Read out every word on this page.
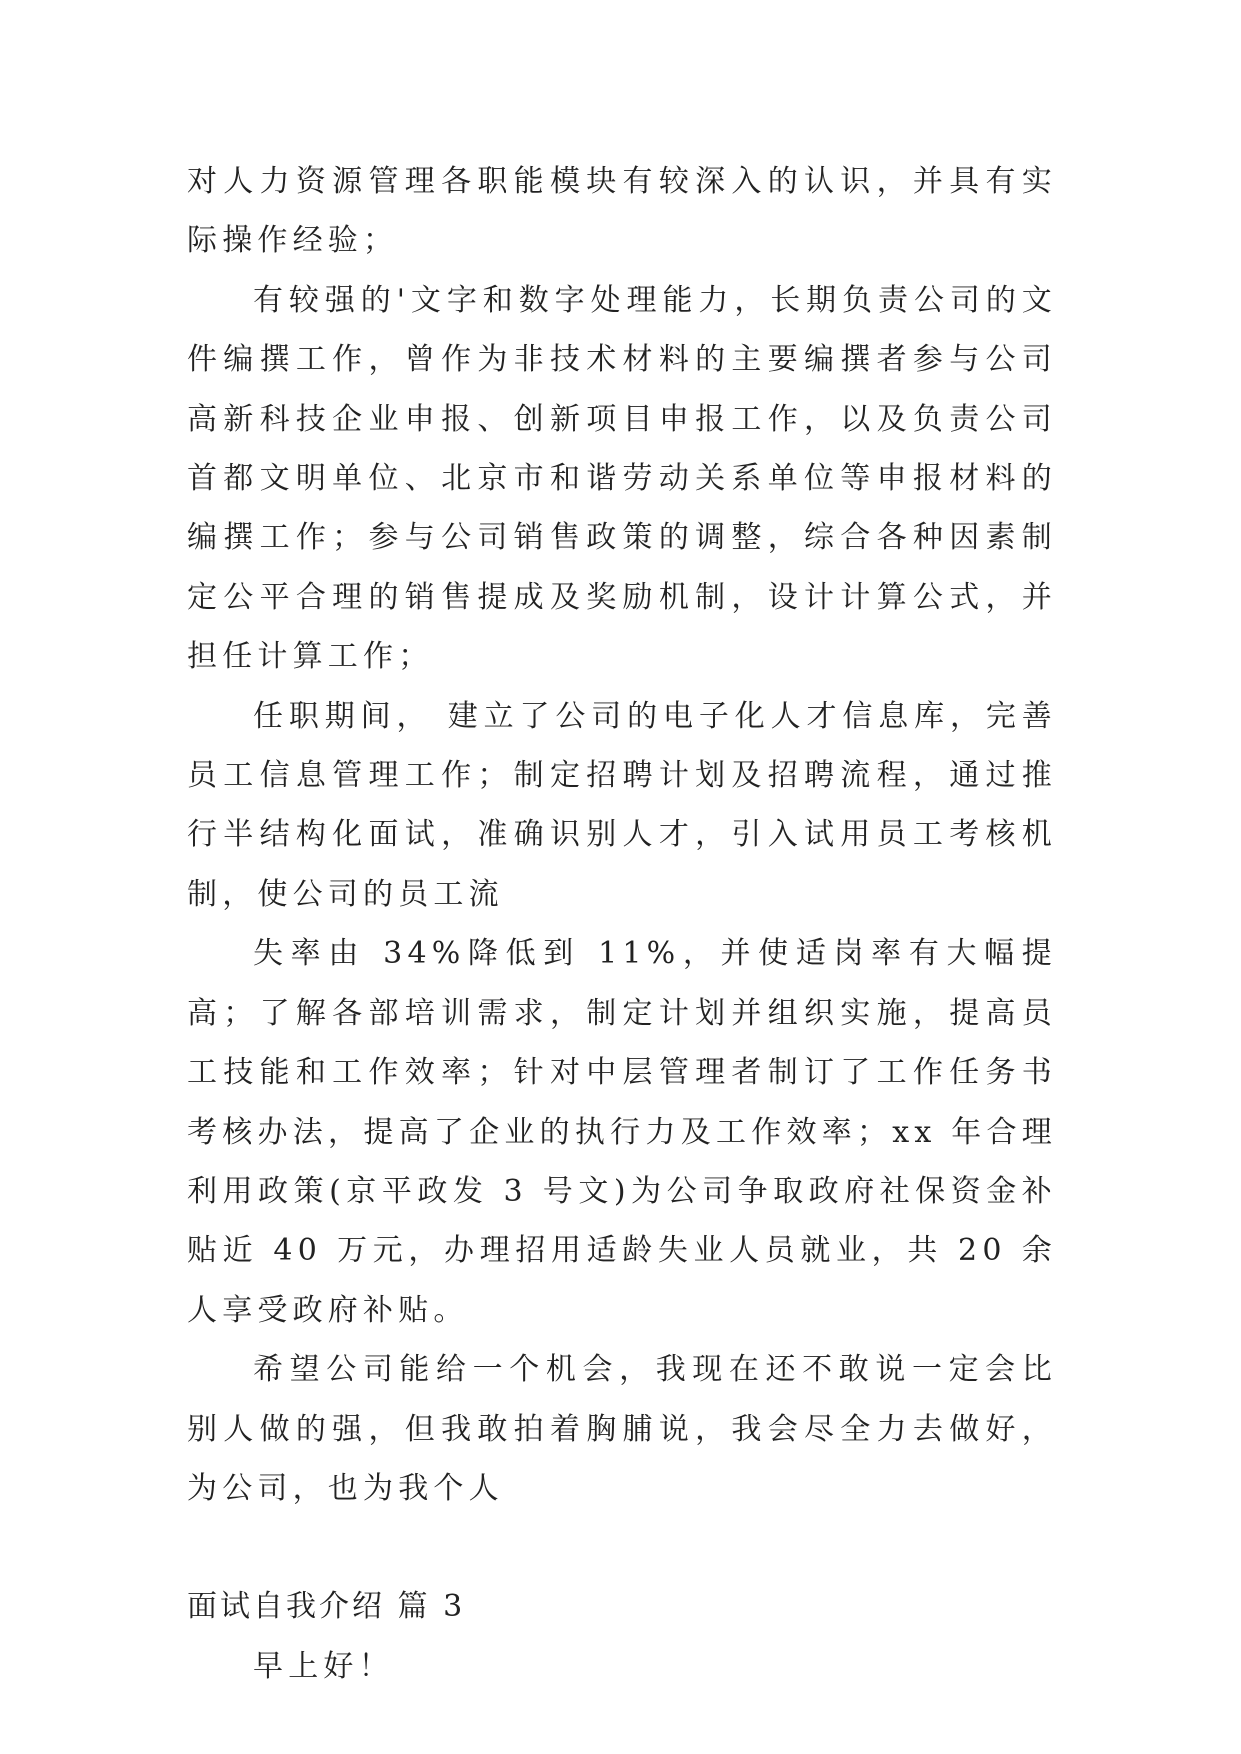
对人力资源管理各职能模块有较深入的认识，并具有实际操作经验；

有较强的'文字和数字处理能力，长期负责公司的文件编撰工作，曾作为非技术材料的主要编撰者参与公司高新科技企业申报、创新项目申报工作，以及负责公司首都文明单位、北京市和谐劳动关系单位等申报材料的编撰工作；参与公司销售政策的调整，综合各种因素制定公平合理的销售提成及奖励机制，设计计算公式，并担任计算工作；

任职期间， 建立了公司的电子化人才信息库，完善员工信息管理工作；制定招聘计划及招聘流程，通过推行半结构化面试，准确识别人才，引入试用员工考核机制，使公司的员工流

失率由 34%降低到 11%，并使适岗率有大幅提高；了解各部培训需求，制定计划并组织实施，提高员工技能和工作效率；针对中层管理者制订了工作任务书考核办法，提高了企业的执行力及工作效率；xx 年合理利用政策(京平政发 3 号文)为公司争取政府社保资金补贴近 40 万元，办理招用适龄失业人员就业，共 20 余人享受政府补贴。

希望公司能给一个机会，我现在还不敢说一定会比别人做的强，但我敢拍着胸脯说，我会尽全力去做好，为公司，也为我个人

面试自我介绍 篇 3

早上好！
